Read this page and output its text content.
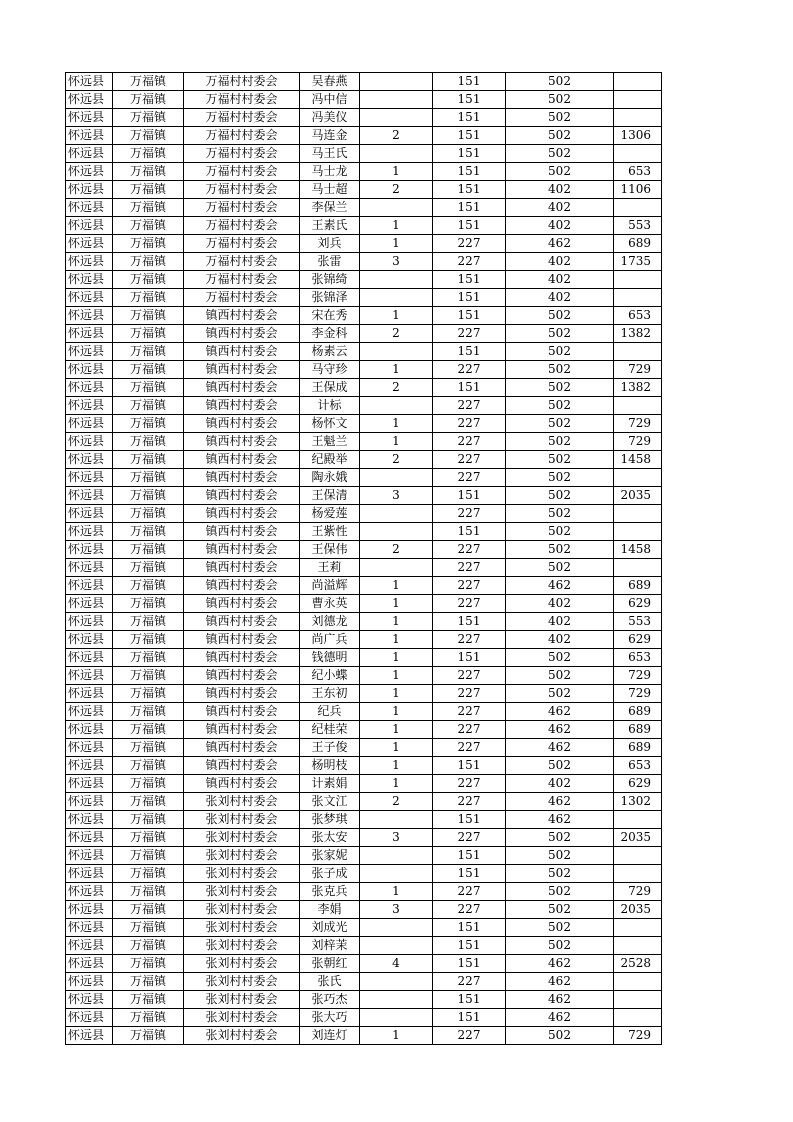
怀远县	万福镇	万福村村委会	吴春燕		151	502	
怀远县	万福镇	万福村村委会	冯中信		151	502	
怀远县	万福镇	万福村村委会	冯美仪		151	502	
怀远县	万福镇	万福村村委会	马连金	2	151	502	1306
怀远县	万福镇	万福村村委会	马王氏		151	502	
怀远县	万福镇	万福村村委会	马士龙	1	151	502	653
怀远县	万福镇	万福村村委会	马士超	2	151	402	1106
怀远县	万福镇	万福村村委会	李保兰		151	402	
怀远县	万福镇	万福村村委会	王素氏	1	151	402	553
怀远县	万福镇	万福村村委会	刘兵	1	227	462	689
怀远县	万福镇	万福村村委会	张雷	3	227	402	1735
怀远县	万福镇	万福村村委会	张锦绮		151	402	
怀远县	万福镇	万福村村委会	张锦泽		151	402	
怀远县	万福镇	镇西村村委会	宋在秀	1	151	502	653
怀远县	万福镇	镇西村村委会	李金科	2	227	502	1382
怀远县	万福镇	镇西村村委会	杨素云		151	502	
怀远县	万福镇	镇西村村委会	马守珍	1	227	502	729
怀远县	万福镇	镇西村村委会	王保成	2	151	502	1382
怀远县	万福镇	镇西村村委会	计标		227	502	
怀远县	万福镇	镇西村村委会	杨怀文	1	227	502	729
怀远县	万福镇	镇西村村委会	王魁兰	1	227	502	729
怀远县	万福镇	镇西村村委会	纪殿举	2	227	502	1458
怀远县	万福镇	镇西村村委会	陶永娥		227	502	
怀远县	万福镇	镇西村村委会	王保清	3	151	502	2035
怀远县	万福镇	镇西村村委会	杨爱莲		227	502	
怀远县	万福镇	镇西村村委会	王紫性		151	502	
怀远县	万福镇	镇西村村委会	王保伟	2	227	502	1458
怀远县	万福镇	镇西村村委会	王莉		227	502	
怀远县	万福镇	镇西村村委会	尚溢辉	1	227	462	689
怀远县	万福镇	镇西村村委会	曹永英	1	227	402	629
怀远县	万福镇	镇西村村委会	刘德龙	1	151	402	553
怀远县	万福镇	镇西村村委会	尚广兵	1	227	402	629
怀远县	万福镇	镇西村村委会	钱德明	1	151	502	653
怀远县	万福镇	镇西村村委会	纪小蝶	1	227	502	729
怀远县	万福镇	镇西村村委会	王东初	1	227	502	729
怀远县	万福镇	镇西村村委会	纪兵	1	227	462	689
怀远县	万福镇	镇西村村委会	纪桂荣	1	227	462	689
怀远县	万福镇	镇西村村委会	王子俊	1	227	462	689
怀远县	万福镇	镇西村村委会	杨明枝	1	151	502	653
怀远县	万福镇	镇西村村委会	计素娟	1	227	402	629
怀远县	万福镇	张刘村村委会	张文江	2	227	462	1302
怀远县	万福镇	张刘村村委会	张梦琪		151	462	
怀远县	万福镇	张刘村村委会	张太安	3	227	502	2035
怀远县	万福镇	张刘村村委会	张家妮		151	502	
怀远县	万福镇	张刘村村委会	张子成		151	502	
怀远县	万福镇	张刘村村委会	张克兵	1	227	502	729
怀远县	万福镇	张刘村村委会	李娟	3	227	502	2035
怀远县	万福镇	张刘村村委会	刘成光		151	502	
怀远县	万福镇	张刘村村委会	刘梓茉		151	502	
怀远县	万福镇	张刘村村委会	张朝红	4	151	462	2528
怀远县	万福镇	张刘村村委会	张氏		227	462	
怀远县	万福镇	张刘村村委会	张巧杰		151	462	
怀远县	万福镇	张刘村村委会	张大巧		151	462	
怀远县	万福镇	张刘村村委会	刘连灯	1	227	502	729
